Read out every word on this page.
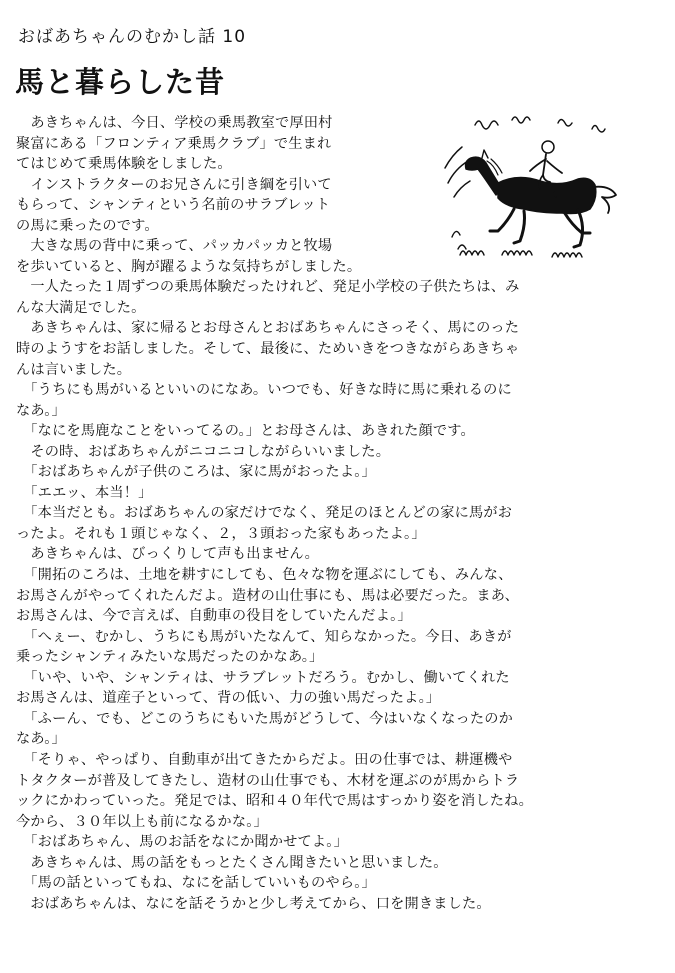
おばあちゃんのむかし話 10
馬と暮らした昔
　あきちゃんは、今日、学校の乗馬教室で厚田村
聚富にある「フロンティア乗馬クラブ」で生まれ
てはじめて乗馬体験をしました。
　インストラクターのお兄さんに引き綱を引いて
もらって、シャンティという名前のサラブレット
の馬に乗ったのです。
　大きな馬の背中に乗って、パッカパッカと牧場
を歩いていると、胸が躍るような気持ちがしました。
　一人たった１周ずつの乗馬体験だったけれど、発足小学校の子供たちは、み
んな大満足でした。
　あきちゃんは、家に帰るとお母さんとおばあちゃんにさっそく、馬にのった
時のようすをお話しました。そして、最後に、ためいきをつきながらあきちゃ
んは言いました。
　「うちにも馬がいるといいのになあ。いつでも、好きな時に馬に乗れるのに
なあ。」
　「なにを馬鹿なことをいってるの。」とお母さんは、あきれた顔です。
　その時、おばあちゃんがニコニコしながらいいました。
　「おばあちゃんが子供のころは、家に馬がおったよ。」
　「エエッ、本当！」
　「本当だとも。おばあちゃんの家だけでなく、発足のほとんどの家に馬がお
ったよ。それも１頭じゃなく、２，３頭おった家もあったよ。」
　あきちゃんは、びっくりして声も出ません。
　「開拓のころは、土地を耕すにしても、色々な物を運ぶにしても、みんな、
お馬さんがやってくれたんだよ。造材の山仕事にも、馬は必要だった。まあ、
お馬さんは、今で言えば、自動車の役目をしていたんだよ。」
　「へぇー、むかし、うちにも馬がいたなんて、知らなかった。今日、あきが
乗ったシャンティみたいな馬だったのかなあ。」
　「いや、いや、シャンティは、サラブレットだろう。むかし、働いてくれた
お馬さんは、道産子といって、背の低い、力の強い馬だったよ。」
　「ふーん、でも、どこのうちにもいた馬がどうして、今はいなくなったのか
なあ。」
　「そりゃ、やっぱり、自動車が出てきたからだよ。田の仕事では、耕運機や
トタクターが普及してきたし、造材の山仕事でも、木材を運ぶのが馬からトラ
ックにかわっていった。発足では、昭和４０年代で馬はすっかり姿を消したね。
今から、３０年以上も前になるかな。」
　「おばあちゃん、馬のお話をなにか聞かせてよ。」
　あきちゃんは、馬の話をもっとたくさん聞きたいと思いました。
　「馬の話といってもね、なにを話していいものやら。」
　おばあちゃんは、なにを話そうかと少し考えてから、口を開きました。
